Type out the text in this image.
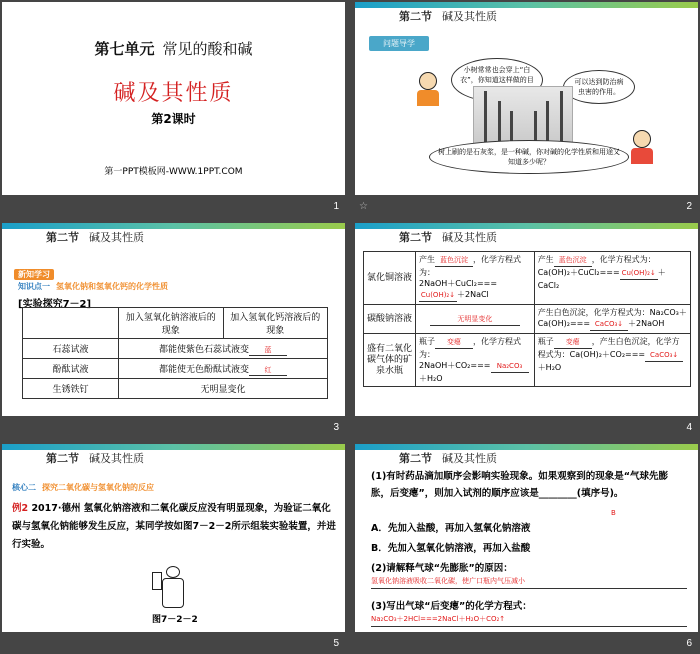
第七单元 常见的酸和碱
碱及其性质
第2课时
第一PPT模板网-WWW.1PPT.COM
1
第二节 碱及其性质
问题导学
小树常常也会穿上“白衣”，你知道这样做的目	可以达到防治病虫害的作用。
树上刷的是石灰浆，是一种碱，你对碱的化学性质和用途又知道多少呢？
☆	2
第二节 碱及其性质
新知学习
知识点一 氢氧化钠和氢氧化钙的化学性质
[实验探究7－2]
	加入氢氧化钠溶液后的现象	加入氢氧化钙溶液后的现象
石蕊试液	都能使紫色石蕊试液变 蓝	
酚酞试液	都能使无色酚酞试液变 红	
生锈铁钉	无明显变化	
3
第二节 碱及其性质
氯化铜溶液	产生 蓝色沉淀 ，化学方程式为：
2NaOH＋CuCl₂===Cu(OH)₂↓ ＋2NaCl	产生 蓝色沉淀 ，化学方程式为：Ca(OH)₂＋CuCl₂=== Cu(OH)₂↓ ＋CaCl₂
碳酸钠溶液	无明显变化	产生白色沉淀，化学方程式为：Na₂CO₃＋Ca(OH)₂=== CaCO₃↓ ＋2NaOH
盛有二氧化碳气体的矿泉水瓶	瓶子 变瘪 ，化学方程式为：
2NaOH＋CO₂=== Na₂CO₃＋H₂O	瓶子 变瘪 ，产生白色沉淀，化学方程式为：Ca(OH)₂＋CO₂=== CaCO₃↓＋H₂O
4
第二节 碱及其性质
核心二 探究二氧化碳与氢氧化钠的反应
例2 2017·德州 氢氧化钠溶液和二氧化碳反应没有明显现象，为验证二氧化碳与氢氧化钠能够发生反应，某同学按如图7－2－2所示组装实验装置，并进行实验。
图7－2－2
5
第二节 碱及其性质
(1)有时药品滴加顺序会影响实验现象。如果观察到的现象是“气球先膨胀，后变瘪”，则加入试剂的顺序应该是________(填序号)。
B
A．先加入盐酸，再加入氢氧化钠溶液
B．先加入氢氧化钠溶液，再加入盐酸
(2)请解释气球“先膨胀”的原因：
氢氧化钠溶液吸收二氧化碳，使广口瓶内气压减小
(3)写出气球“后变瘪”的化学方程式：
Na₂CO₃＋2HCl===2NaCl＋H₂O＋CO₂↑
6
